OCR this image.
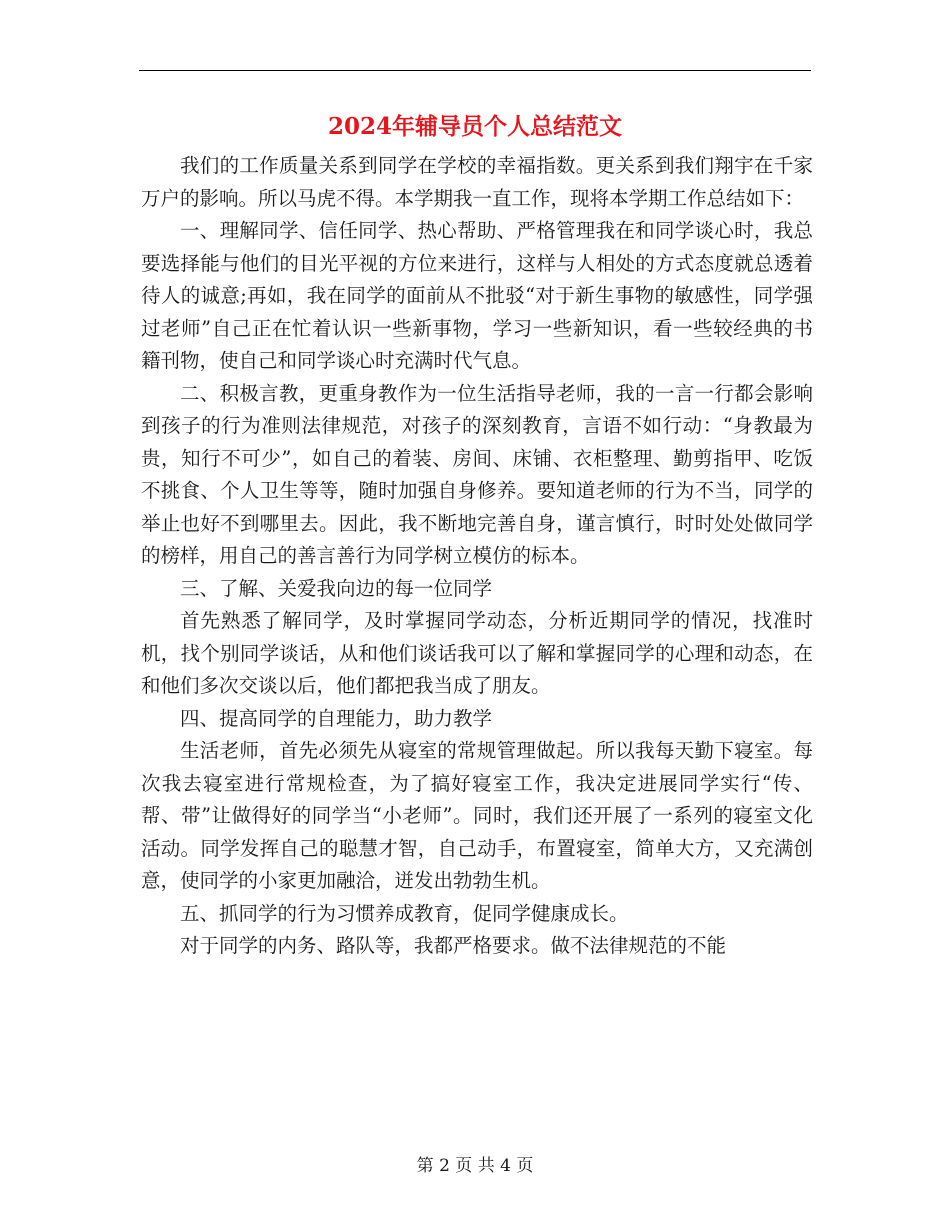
2024年辅导员个人总结范文

我们的工作质量关系到同学在学校的幸福指数。更关系到我们翔宇在千家万户的影响。所以马虎不得。本学期我一直工作，现将本学期工作总结如下：

一、理解同学、信任同学、热心帮助、严格管理我在和同学谈心时，我总要选择能与他们的目光平视的方位来进行，这样与人相处的方式态度就总透着待人的诚意;再如，我在同学的面前从不批驳“对于新生事物的敏感性，同学强过老师”自己正在忙着认识一些新事物，学习一些新知识，看一些较经典的书籍刊物，使自己和同学谈心时充满时代气息。

二、积极言教，更重身教作为一位生活指导老师，我的一言一行都会影响到孩子的行为准则法律规范，对孩子的深刻教育，言语不如行动：“身教最为贵，知行不可少”，如自己的着装、房间、床铺、衣柜整理、勤剪指甲、吃饭不挑食、个人卫生等等，随时加强自身修养。要知道老师的行为不当，同学的举止也好不到哪里去。因此，我不断地完善自身，谨言慎行，时时处处做同学的榜样，用自己的善言善行为同学树立模仿的标本。

三、了解、关爱我向边的每一位同学

首先熟悉了解同学，及时掌握同学动态，分析近期同学的情况，找准时机，找个别同学谈话，从和他们谈话我可以了解和掌握同学的心理和动态，在和他们多次交谈以后，他们都把我当成了朋友。

四、提高同学的自理能力，助力教学

生活老师，首先必须先从寝室的常规管理做起。所以我每天勤下寝室。每次我去寝室进行常规检查，为了搞好寝室工作，我决定进展同学实行“传、帮、带”让做得好的同学当“小老师”。同时，我们还开展了一系列的寝室文化活动。同学发挥自己的聪慧才智，自己动手，布置寝室，简单大方，又充满创意，使同学的小家更加融洽，迸发出勃勃生机。

五、抓同学的行为习惯养成教育，促同学健康成长。

对于同学的内务、路队等，我都严格要求。做不法律规范的不能

第 2 页 共 4 页
